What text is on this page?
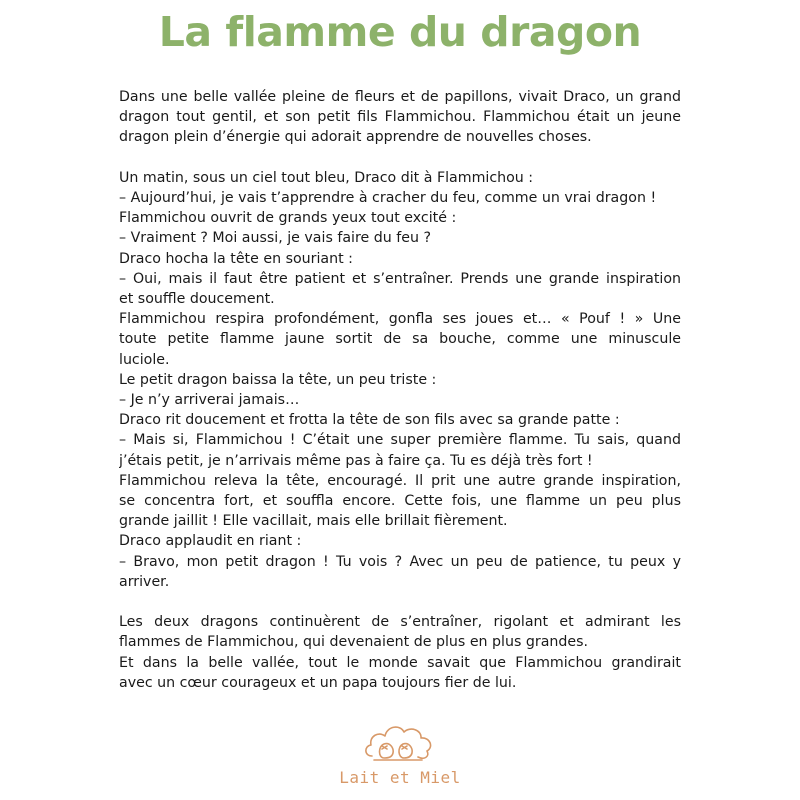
La flamme du dragon
Dans une belle vallée pleine de fleurs et de papillons, vivait Draco, un grand
dragon tout gentil, et son petit fils Flammichou. Flammichou était un jeune
dragon plein d’énergie qui adorait apprendre de nouvelles choses.
Un matin, sous un ciel tout bleu, Draco dit à Flammichou :
– Aujourd’hui, je vais t’apprendre à cracher du feu, comme un vrai dragon !
Flammichou ouvrit de grands yeux tout excité :
– Vraiment ? Moi aussi, je vais faire du feu ?
Draco hocha la tête en souriant :
– Oui, mais il faut être patient et s’entraîner. Prends une grande inspiration
et souffle doucement.
Flammichou respira profondément, gonfla ses joues et… « Pouf ! » Une
toute petite flamme jaune sortit de sa bouche, comme une minuscule
luciole.
Le petit dragon baissa la tête, un peu triste :
– Je n’y arriverai jamais…
Draco rit doucement et frotta la tête de son fils avec sa grande patte :
– Mais si, Flammichou ! C’était une super première flamme. Tu sais, quand
j’étais petit, je n’arrivais même pas à faire ça. Tu es déjà très fort !
Flammichou releva la tête, encouragé. Il prit une autre grande inspiration,
se concentra fort, et souffla encore. Cette fois, une flamme un peu plus
grande jaillit ! Elle vacillait, mais elle brillait fièrement.
Draco applaudit en riant :
– Bravo, mon petit dragon ! Tu vois ? Avec un peu de patience, tu peux y
arriver.
Les deux dragons continuèrent de s’entraîner, rigolant et admirant les
flammes de Flammichou, qui devenaient de plus en plus grandes.
Et dans la belle vallée, tout le monde savait que Flammichou grandirait
avec un cœur courageux et un papa toujours fier de lui.
Lait et Miel
